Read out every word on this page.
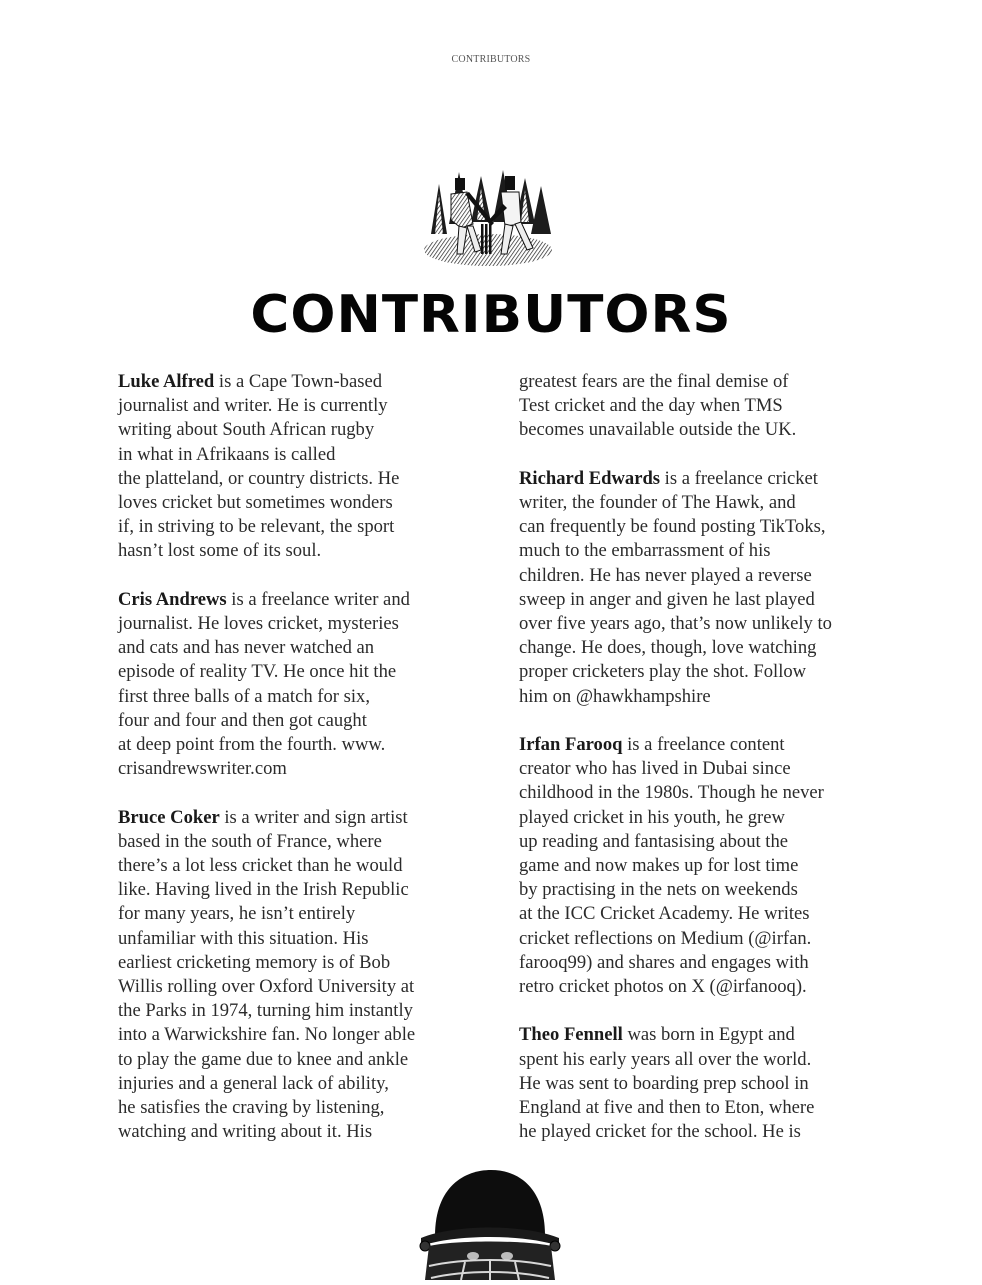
CONTRIBUTORS
CONTRIBUTORS

Luke Alfred is a Cape Town-based
journalist and writer. He is currently
writing about South African rugby
in what in Afrikaans is called
the platteland, or country districts. He
loves cricket but sometimes wonders
if, in striving to be relevant, the sport
hasn’t lost some of its soul.

Cris Andrews is a freelance writer and
journalist. He loves cricket, mysteries
and cats and has never watched an
episode of reality TV. He once hit the
first three balls of a match for six,
four and four and then got caught
at deep point from the fourth. www.
crisandrewswriter.com

Bruce Coker is a writer and sign artist
based in the south of France, where
there’s a lot less cricket than he would
like. Having lived in the Irish Republic
for many years, he isn’t entirely
unfamiliar with this situation. His
earliest cricketing memory is of Bob
Willis rolling over Oxford University at
the Parks in 1974, turning him instantly
into a Warwickshire fan. No longer able
to play the game due to knee and ankle
injuries and a general lack of ability,
he satisfies the craving by listening,
watching and writing about it. His

greatest fears are the final demise of
Test cricket and the day when TMS
becomes unavailable outside the UK.

Richard Edwards is a freelance cricket
writer, the founder of The Hawk, and
can frequently be found posting TikToks,
much to the embarrassment of his
children. He has never played a reverse
sweep in anger and given he last played
over five years ago, that’s now unlikely to
change. He does, though, love watching
proper cricketers play the shot. Follow
him on @hawkhampshire

Irfan Farooq is a freelance content
creator who has lived in Dubai since
childhood in the 1980s. Though he never
played cricket in his youth, he grew
up reading and fantasising about the
game and now makes up for lost time
by practising in the nets on weekends
at the ICC Cricket Academy. He writes
cricket reflections on Medium (@irfan.
farooq99) and shares and engages with
retro cricket photos on X (@irfanooq).

Theo Fennell was born in Egypt and
spent his early years all over the world.
He was sent to boarding prep school in
England at five and then to Eton, where
he played cricket for the school. He is
